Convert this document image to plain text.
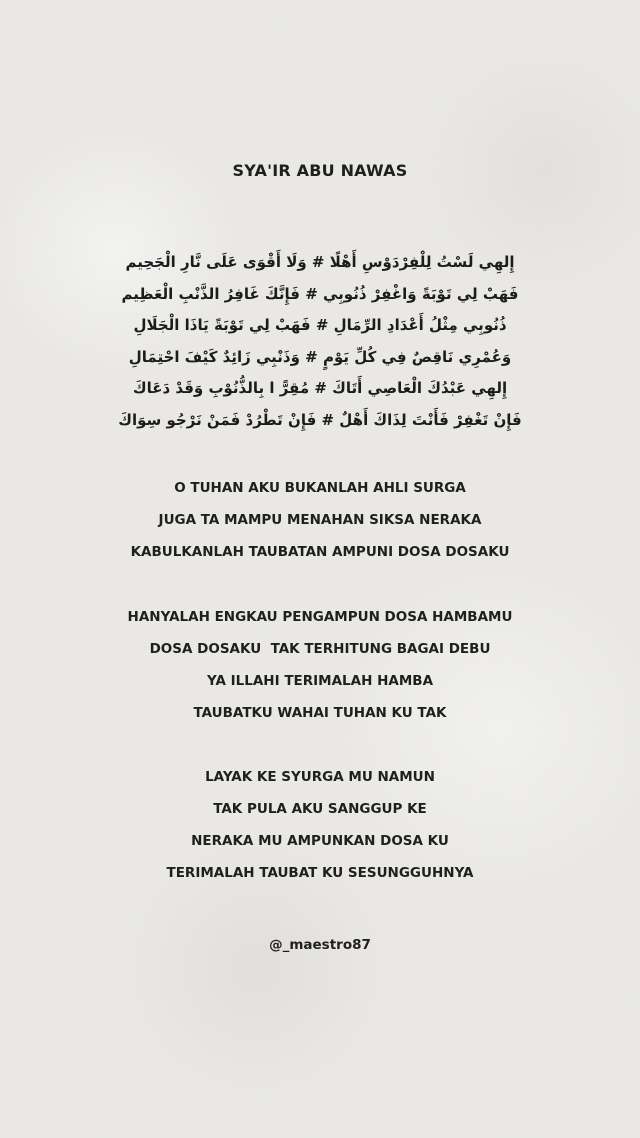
SYA'IR ABU NAWAS
إِلهِي لَسْتُ لِلْفِرْدَوْسِ أَهْلًا # وَلَا أَقْوَى عَلَى نَّارِ الْجَحِيم
فَهَبْ لِي تَوْبَةً وَاغْفِرْ ذُنُوبِي # فَإِنَّكَ غَافِرُ الذَّنْبِ الْعَظِيم
ذُنُوبِي مِثْلُ أَعْدَادِ الرِّمَالِ # فَهَبْ لِي تَوْبَةً يَاذَا الْجَلَالِ
وَعُمْرِي نَاقِصٌ فِي كُلِّ يَوْمٍ # وَذَنْبِي زَائِدٌ كَيْفَ احْتِمَالِ
إِلهِي عَبْدُكَ الْعَاصِي أَتَاكَ # مُقِرًّ ا بِالذُّنُوْبِ وَقَدْ دَعَاكَ
فَإِنْ تَغْفِرْ فَأَنْتَ لِذَاكَ أَهْلٌ # فَإِنْ تَطْرُدْ فَمَنْ نَرْجُو سِوَاكَ
O TUHAN AKU BUKANLAH AHLI SURGA
JUGA TA MAMPU MENAHAN SIKSA NERAKA
KABULKANLAH TAUBATAN AMPUNI DOSA DOSAKU
HANYALAH ENGKAU PENGAMPUN DOSA HAMBAMU
DOSA DOSAKU  TAK TERHITUNG BAGAI DEBU
YA ILLAHI TERIMALAH HAMBA
TAUBATKU WAHAI TUHAN KU TAK
LAYAK KE SYURGA MU NAMUN
TAK PULA AKU SANGGUP KE
NERAKA MU AMPUNKAN DOSA KU
TERIMALAH TAUBAT KU SESUNGGUHNYA
@_maestro87
